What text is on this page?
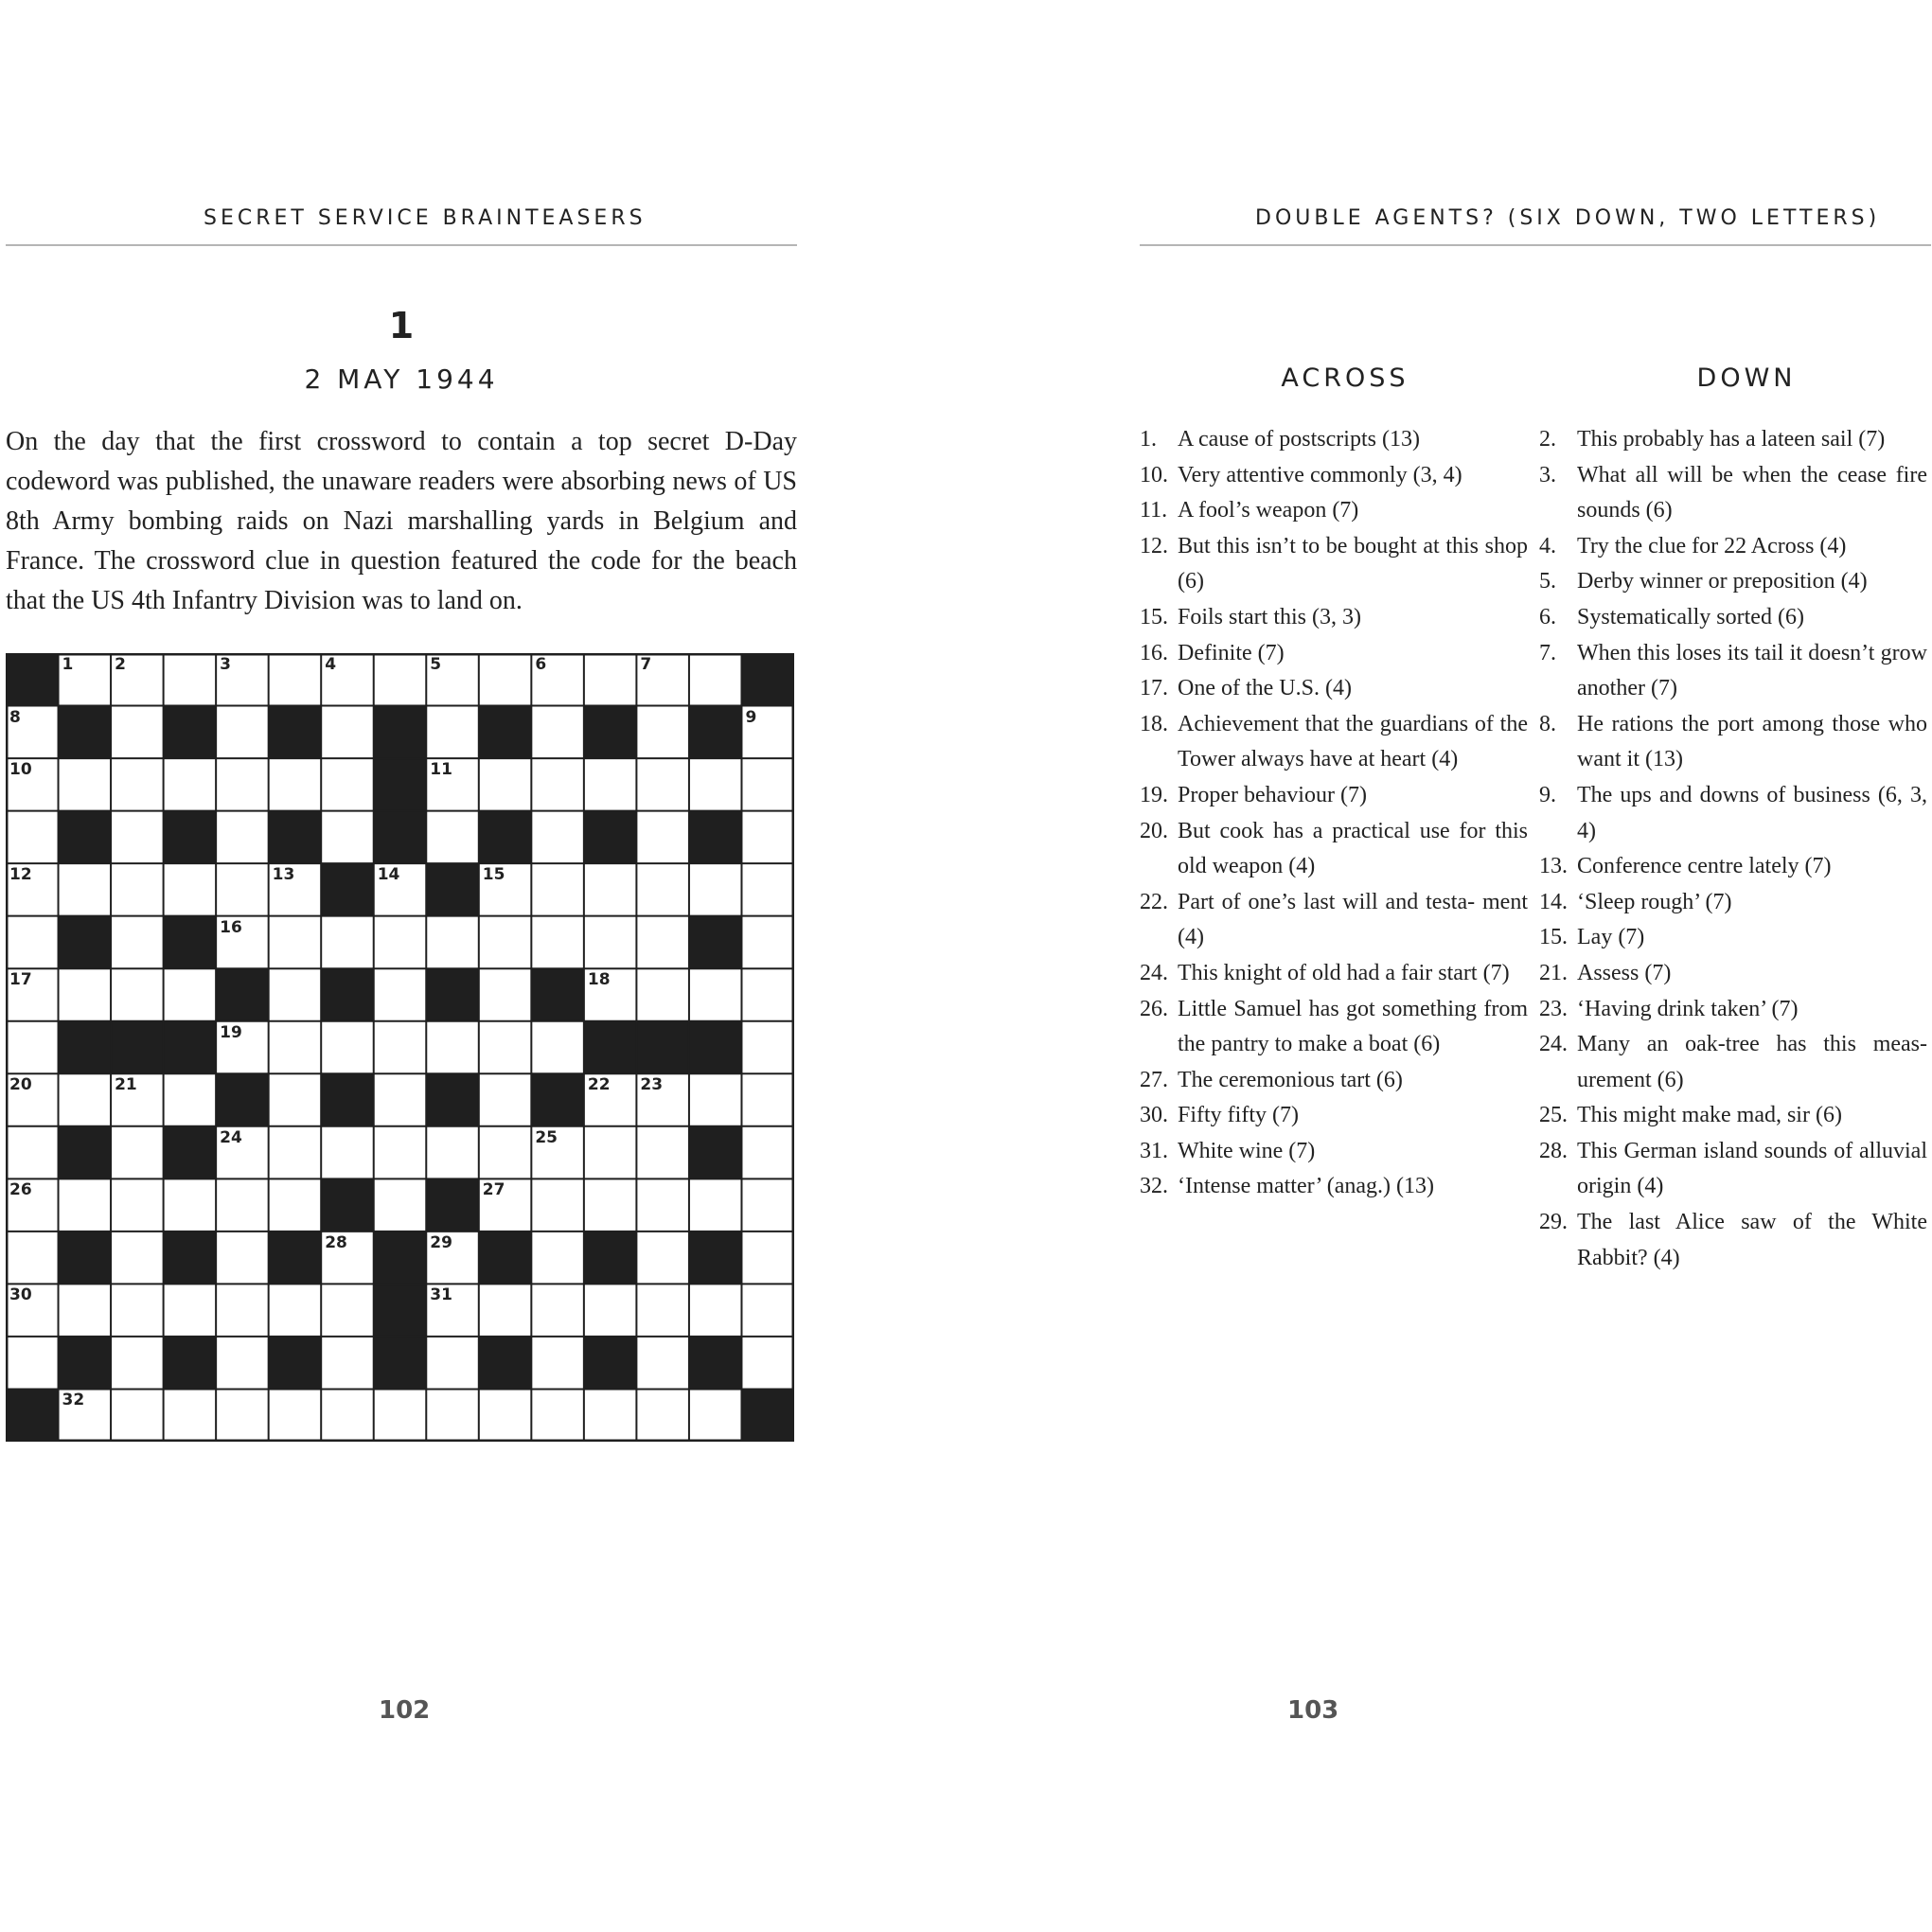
SECRET SERVICE BRAINTEASERS
1
2 MAY 1944

On the day that the first crossword to contain a top secret D-Day codeword was published, the unaware readers were absorbing news of US 8th Army bombing raids on Nazi marshalling yards in Belgium and France. The crossword clue in question featured the code for the beach that the US 4th Infantry Division was to land on.

1	2	3	4	5	6	7
8	9
10	11
12	13	14	15
16
17	18
19
20	21	22 23
24	25
26	27
28	29
30	31
32
102
DOUBLE AGENTS? (SIX DOWN, TWO LETTERS)
ACROSS	DOWN
1. A cause of postscripts (13)
10. Very attentive commonly (3, 4)
11. A fool’s weapon (7)
12. But this isn’t to be bought at this shop (6)
15. Foils start this (3, 3)
16. Definite (7)
17. One of the U.S. (4)
18. Achievement that the guardians of the Tower always have at heart (4)
19. Proper behaviour (7)
20. But cook has a practical use for this old weapon (4)
22. Part of one’s last will and testa- ment (4)
24. This knight of old had a fair start (7)
26. Little Samuel has got something from the pantry to make a boat (6)
27. The ceremonious tart (6)
30. Fifty fifty (7)
31. White wine (7)
32. ‘Intense matter’ (anag.) (13)
2. This probably has a lateen sail (7)
3. What all will be when the cease fire sounds (6)
4. Try the clue for 22 Across (4)
5. Derby winner or preposition (4)
6. Systematically sorted (6)
7. When this loses its tail it doesn’t grow another (7)
8. He rations the port among those who want it (13)
9. The ups and downs of business (6, 3, 4)
13. Conference centre lately (7)
14. ‘Sleep rough’ (7)
15. Lay (7)
21. Assess (7)
23. ‘Having drink taken’ (7)
24. Many an oak-tree has this meas- urement (6)
25. This might make mad, sir (6)
28. This German island sounds of alluvial origin (4)
29. The last Alice saw of the White Rabbit? (4)
103
